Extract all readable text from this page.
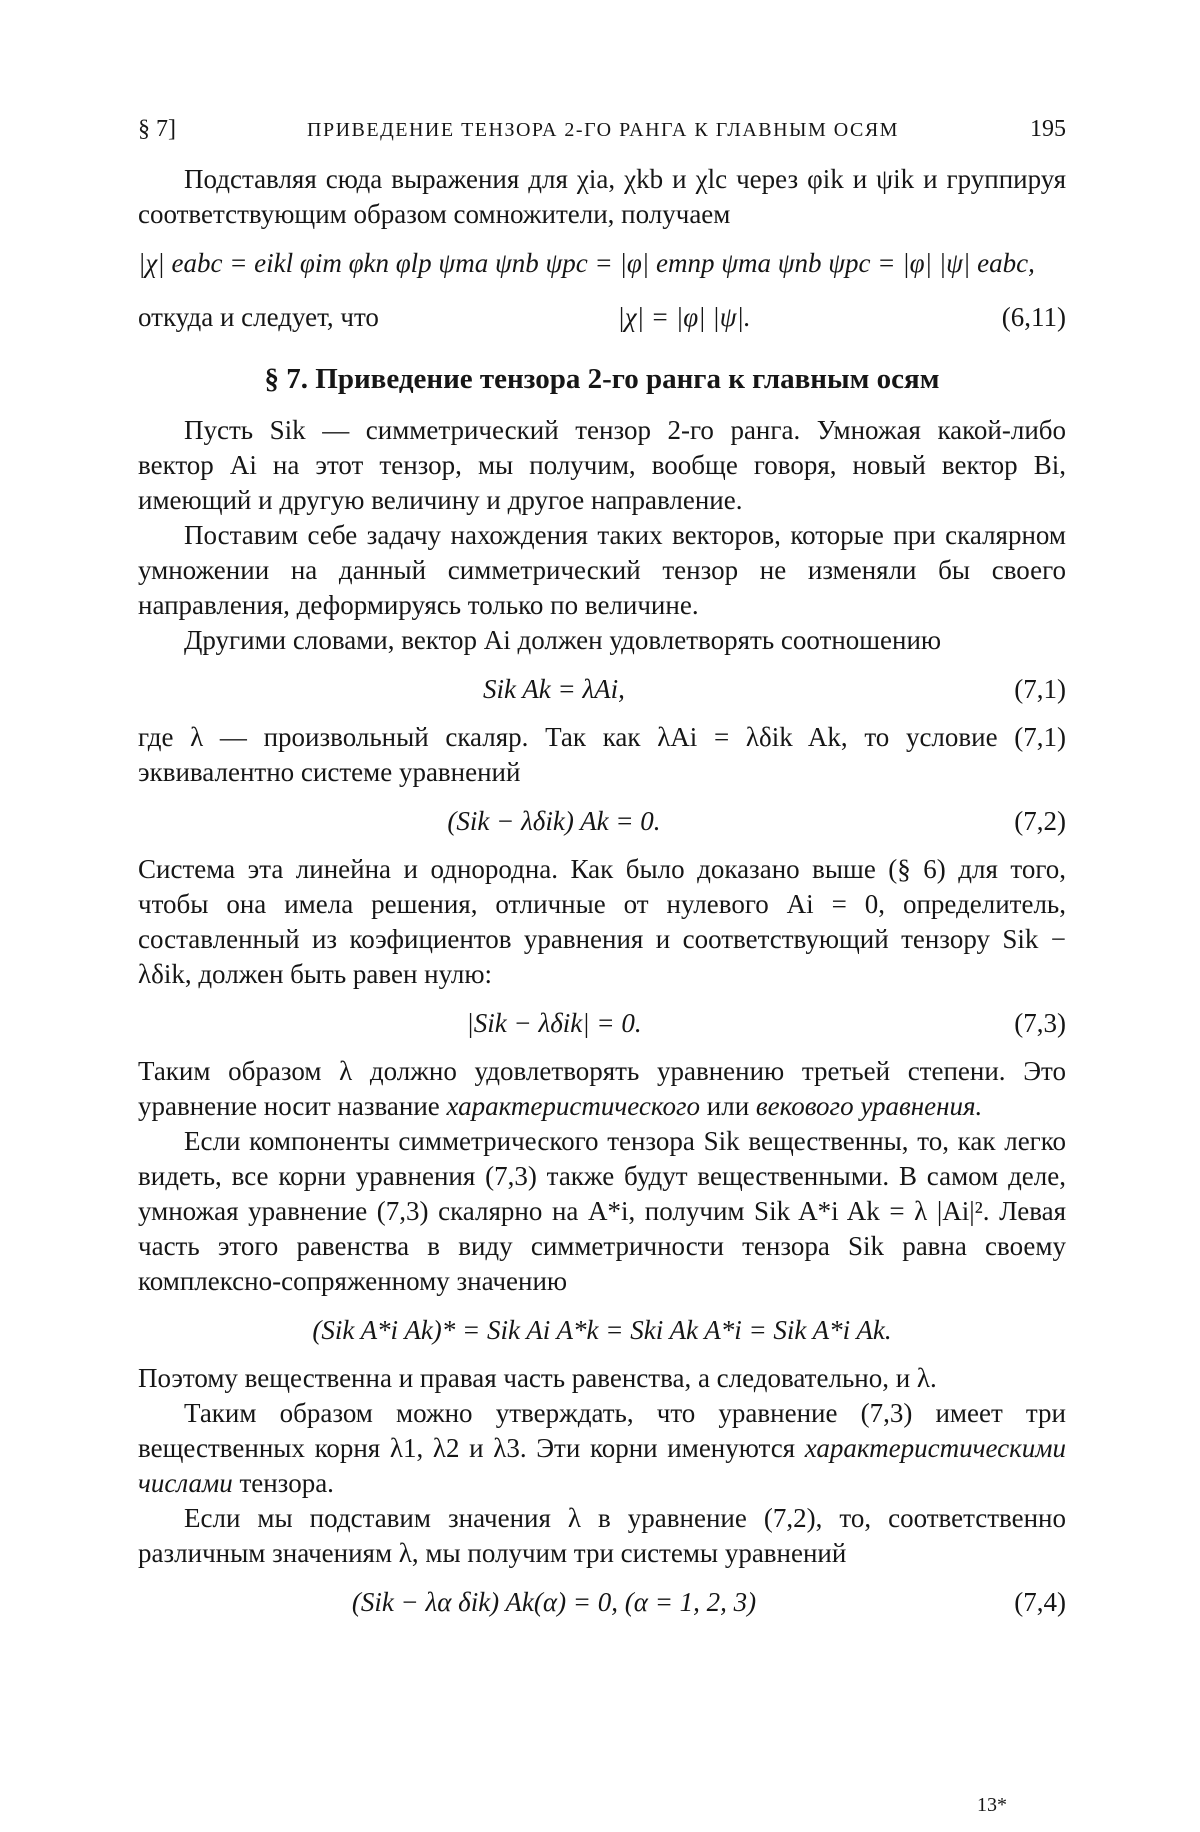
§ 7]	ПРИВЕДЕНИЕ ТЕНЗОРА 2-ГО РАНГА К ГЛАВНЫМ ОСЯМ	195

Подставляя сюда выражения для χia, χkb и χlc через φik и ψik и группируя соответствующим образом сомножители, получаем

|χ| eabc = eikl φim φkn φlp ψma ψnb ψpc = |φ| emnp ψma ψnb ψpc = |φ| |ψ| eabc,
откуда и следует, что	|χ| = |φ| |ψ|.	(6,11)
§ 7. Приведение тензора 2-го ранга к главным осям

Пусть Sik — симметрический тензор 2-го ранга. Умножая какой-либо вектор Ai на этот тензор, мы получим, вообще говоря, новый вектор Bi, имеющий и другую величину и другое направление.

Поставим себе задачу нахождения таких векторов, которые при скалярном умножении на данный симметрический тензор не изменяли бы своего направления, деформируясь только по величине.

Другими словами, вектор Ai должен удовлетворять соотношению

Sik Ak = λAi,	(7,1)

где λ — произвольный скаляр. Так как λAi = λδik Ak, то условие (7,1) эквивалентно системе уравнений

(Sik − λδik) Ak = 0.	(7,2)

Система эта линейна и однородна. Как было доказано выше (§ 6) для того, чтобы она имела решения, отличные от нулевого Ai = 0, определитель, составленный из коэфициентов уравнения и соответствующий тензору Sik − λδik, должен быть равен нулю:

|Sik − λδik| = 0.	(7,3)

Таким образом λ должно удовлетворять уравнению третьей степени. Это уравнение носит название характеристического или векового уравнения.

Если компоненты симметрического тензора Sik вещественны, то, как легко видеть, все корни уравнения (7,3) также будут вещественными. В самом деле, умножая уравнение (7,3) скалярно на A*i, получим Sik A*i Ak = λ |Ai|². Левая часть этого равенства в виду симметричности тензора Sik равна своему комплексно-сопряженному значению

(Sik A*i Ak)* = Sik Ai A*k = Ski Ak A*i = Sik A*i Ak.

Поэтому вещественна и правая часть равенства, а следовательно, и λ.

Таким образом можно утверждать, что уравнение (7,3) имеет три вещественных корня λ1, λ2 и λ3. Эти корни именуются характеристическими числами тензора.

Если мы подставим значения λ в уравнение (7,2), то, соответственно различным значениям λ, мы получим три системы уравнений

(Sik − λα δik) Ak(α) = 0, (α = 1, 2, 3)	(7,4)
13*
